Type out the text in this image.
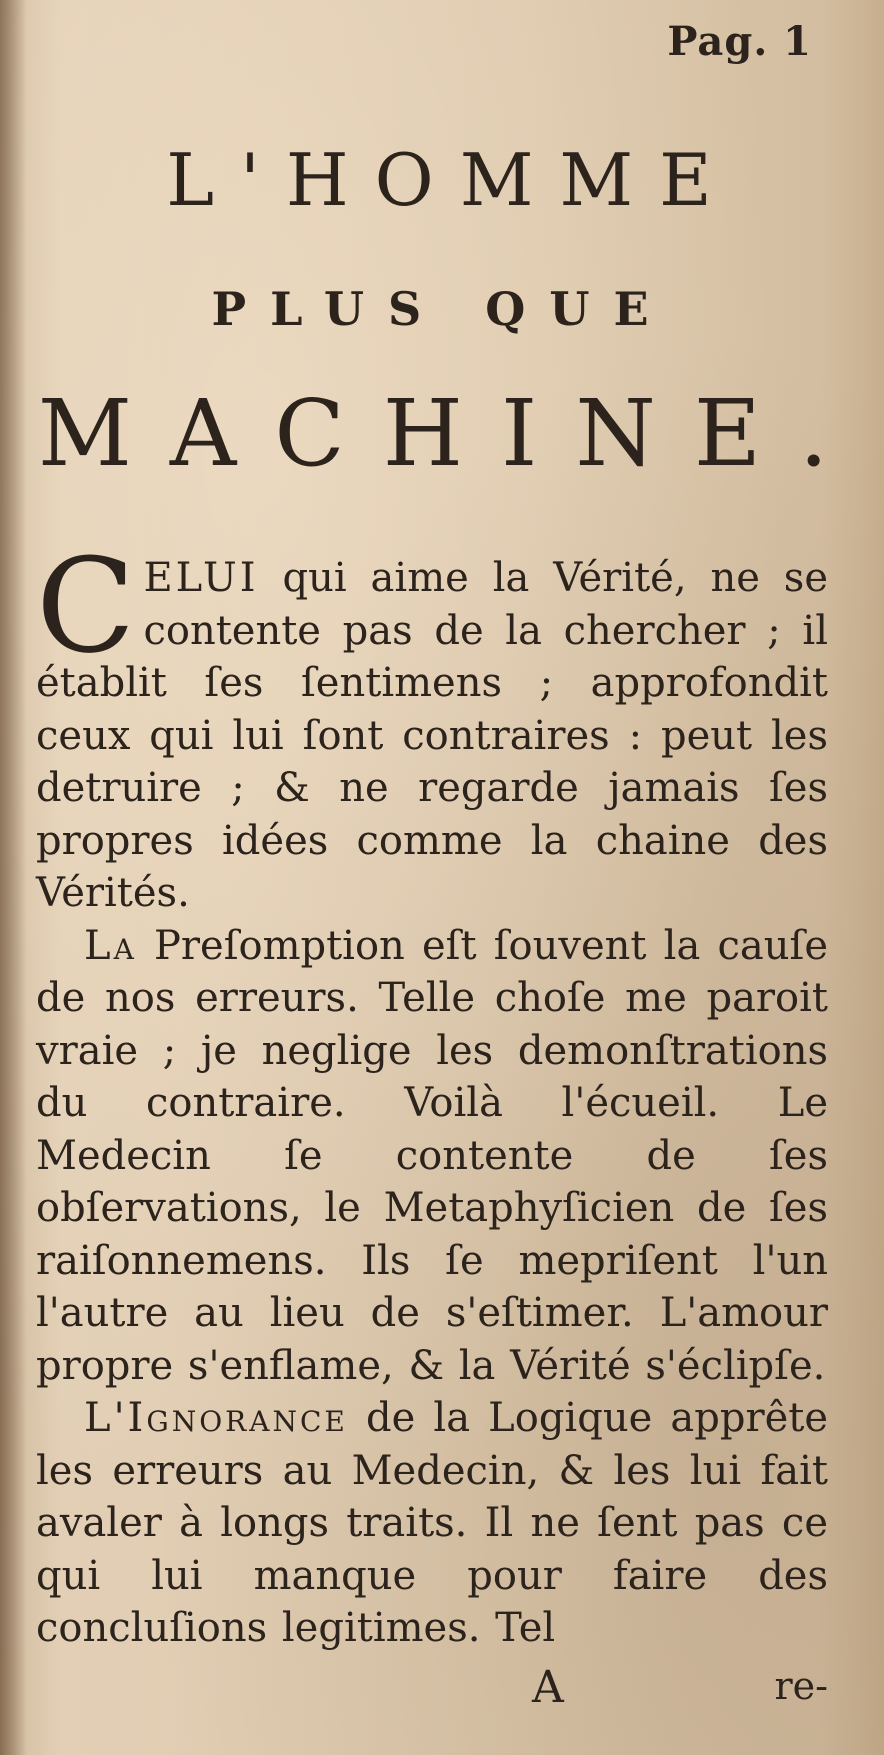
Pag. 1
L'HOMME
PLUS QUE
MACHINE.

CELUI qui aime la Vérité, ne se contente pas de la chercher ; il établit ſes ſentimens ; approfondit ceux qui lui ſont contraires : peut les detruire ; & ne regarde jamais ſes propres idées comme la chaine des Vérités.

La Preſomption eſt ſouvent la cauſe de nos erreurs. Telle choſe me paroit vraie ; je neglige les demonſtrations du contraire. Voilà l'écueil. Le Medecin ſe contente de ſes obſervations, le Metaphyſicien de ſes raiſonnemens. Ils ſe mepriſent l'un l'autre au lieu de s'eſtimer. L'amour propre s'enflame, & la Vérité s'éclipſe.

L'Ignorance de la Logique apprête les erreurs au Medecin, & les lui fait avaler à longs traits. Il ne ſent pas ce qui lui manque pour faire des concluſions legitimes. Tel

A	re-
